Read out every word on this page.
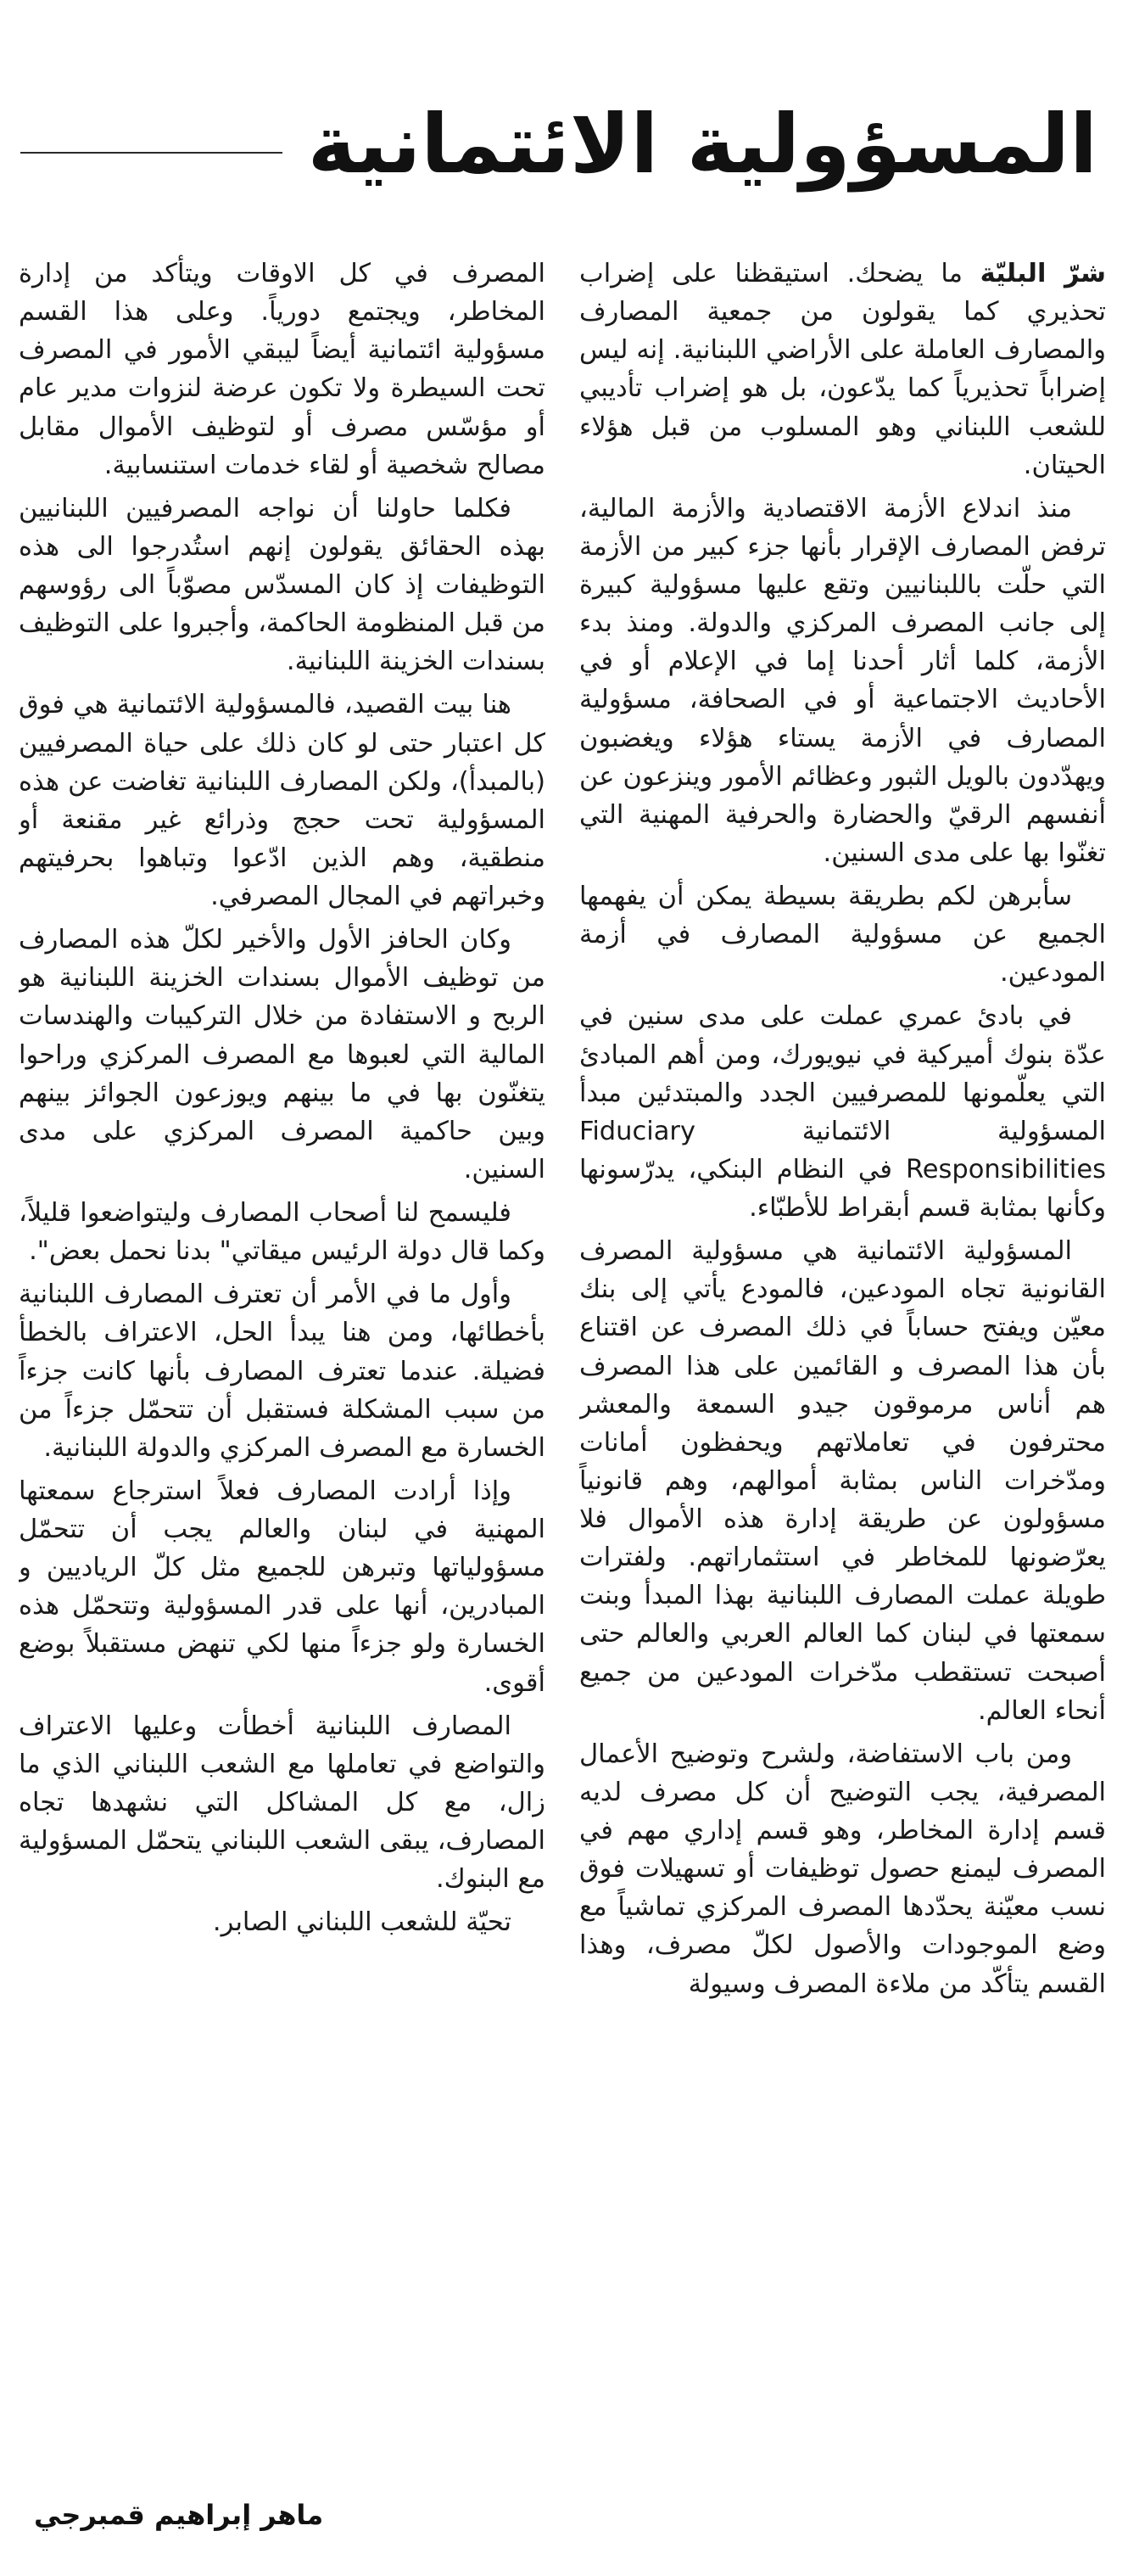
المسؤولية الائتمانية

شرّ البليّة ما يضحك. استيقظنا على إضراب تحذيري كما يقولون من جمعية المصارف والمصارف العاملة على الأراضي اللبنانية. إنه ليس إضراباً تحذيرياً كما يدّعون، بل هو إضراب تأديبي للشعب اللبناني وهو المسلوب من قبل هؤلاء الحيتان.

منذ اندلاع الأزمة الاقتصادية والأزمة المالية، ترفض المصارف الإقرار بأنها جزء كبير من الأزمة التي حلّت باللبنانيين وتقع عليها مسؤولية كبيرة إلى جانب المصرف المركزي والدولة. ومنذ بدء الأزمة، كلما أثار أحدنا إما في الإعلام أو في الأحاديث الاجتماعية أو في الصحافة، مسؤولية المصارف في الأزمة يستاء هؤلاء ويغضبون ويهدّدون بالويل الثبور وعظائم الأمور وينزعون عن أنفسهم الرقيّ والحضارة والحرفية المهنية التي تغنّوا بها على مدى السنين.

سأبرهن لكم بطريقة بسيطة يمكن أن يفهمها الجميع عن مسؤولية المصارف في أزمة المودعين.

في بادئ عمري عملت على مدى سنين في عدّة بنوك أميركية في نيويورك، ومن أهم المبادئ التي يعلّمونها للمصرفيين الجدد والمبتدئين مبدأ المسؤولية الائتمانية Fiduciary Responsibilities في النظام البنكي، يدرّسونها وكأنها بمثابة قسم أبقراط للأطبّاء.

المسؤولية الائتمانية هي مسؤولية المصرف القانونية تجاه المودعين، فالمودع يأتي إلى بنك معيّن ويفتح حساباً في ذلك المصرف عن اقتناع بأن هذا المصرف و القائمين على هذا المصرف هم أناس مرموقون جيدو السمعة والمعشر محترفون في تعاملاتهم ويحفظون أمانات ومدّخرات الناس بمثابة أموالهم، وهم قانونياً مسؤولون عن طريقة إدارة هذه الأموال فلا يعرّضونها للمخاطر في استثماراتهم. ولفترات طويلة عملت المصارف اللبنانية بهذا المبدأ وبنت سمعتها في لبنان كما العالم العربي والعالم حتى أصبحت تستقطب مدّخرات المودعين من جميع أنحاء العالم.

ومن باب الاستفاضة، ولشرح وتوضيح الأعمال المصرفية، يجب التوضيح أن كل مصرف لديه قسم إدارة المخاطر، وهو قسم إداري مهم في المصرف ليمنع حصول توظيفات أو تسهيلات فوق نسب معيّنة يحدّدها المصرف المركزي تماشياً مع وضع الموجودات والأصول لكلّ مصرف، وهذا القسم يتأكّد من ملاءة المصرف وسيولة

المصرف في كل الاوقات ويتأكد من إدارة المخاطر، ويجتمع دورياً. وعلى هذا القسم مسؤولية ائتمانية أيضاً ليبقي الأمور في المصرف تحت السيطرة ولا تكون عرضة لنزوات مدير عام أو مؤسّس مصرف أو لتوظيف الأموال مقابل مصالح شخصية أو لقاء خدمات استنسابية.

فكلما حاولنا أن نواجه المصرفيين اللبنانيين بهذه الحقائق يقولون إنهم استُدرجوا الى هذه التوظيفات إذ كان المسدّس مصوّباً الى رؤوسهم من قبل المنظومة الحاكمة، وأجبروا على التوظيف بسندات الخزينة اللبنانية.

هنا بيت القصيد، فالمسؤولية الائتمانية هي فوق كل اعتبار حتى لو كان ذلك على حياة المصرفيين (بالمبدأ)، ولكن المصارف اللبنانية تغاضت عن هذه المسؤولية تحت حجج وذرائع غير مقنعة أو منطقية، وهم الذين ادّعوا وتباهوا بحرفيتهم وخبراتهم في المجال المصرفي.

وكان الحافز الأول والأخير لكلّ هذه المصارف من توظيف الأموال بسندات الخزينة اللبنانية هو الربح و الاستفادة من خلال التركيبات والهندسات المالية التي لعبوها مع المصرف المركزي وراحوا يتغنّون بها في ما بينهم ويوزعون الجوائز بينهم وبين حاكمية المصرف المركزي على مدى السنين.

فليسمح لنا أصحاب المصارف وليتواضعوا قليلاً، وكما قال دولة الرئيس ميقاتي" بدنا نحمل بعض".

وأول ما في الأمر أن تعترف المصارف اللبنانية بأخطائها، ومن هنا يبدأ الحل، الاعتراف بالخطأ فضيلة. عندما تعترف المصارف بأنها كانت جزءاً من سبب المشكلة فستقبل أن تتحمّل جزءاً من الخسارة مع المصرف المركزي والدولة اللبنانية.

وإذا أرادت المصارف فعلاً استرجاع سمعتها المهنية في لبنان والعالم يجب أن تتحمّل مسؤولياتها وتبرهن للجميع مثل كلّ الرياديين و المبادرين، أنها على قدر المسؤولية وتتحمّل هذه الخسارة ولو جزءاً منها لكي تنهض مستقبلاً بوضع أقوى.

المصارف اللبنانية أخطأت وعليها الاعتراف والتواضع في تعاملها مع الشعب اللبناني الذي ما زال، مع كل المشاكل التي نشهدها تجاه المصارف، يبقى الشعب اللبناني يتحمّل المسؤولية مع البنوك.

تحيّة للشعب اللبناني الصابر.

ماهر إبراهيم قمبرجي
